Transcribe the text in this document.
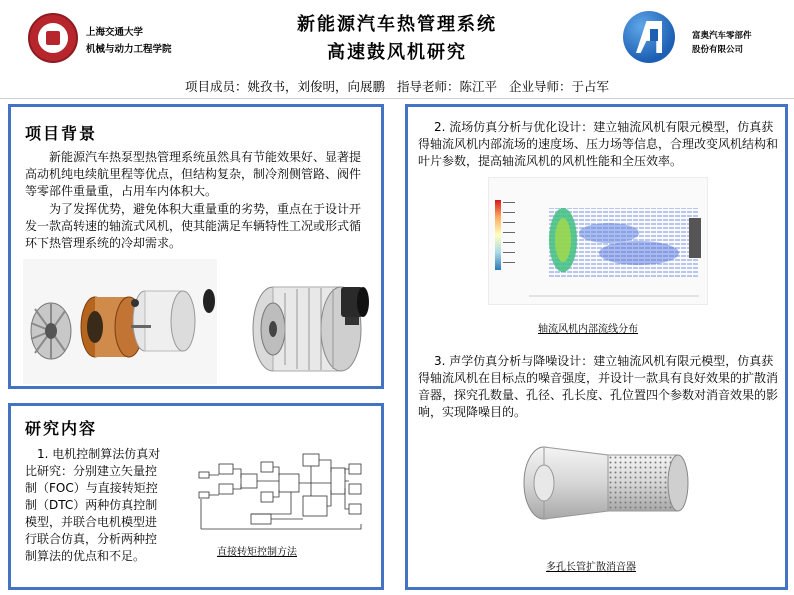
上海交通大学
机械与动力工程学院
新能源汽车热管理系统
高速鼓风机研究
富奥汽车零部件
股份有限公司
项目成员：姚孜书，刘俊明，向展鹏 指导老师：陈江平 企业导师：于占军
项目背景
新能源汽车热泵型热管理系统虽然具有节能效果好、显著提高动机纯电续航里程等优点，但结构复杂，制冷剂侧管路、阀件等零部件重量重，占用车内体积大。
为了发挥优势，避免体积大重量重的劣势，重点在于设计开发一款高转速的轴流式风机，使其能满足车辆特性工况或形式循环下热管理系统的冷却需求。
研究内容
1. 电机控制算法仿真对比研究：分别建立矢量控制（FOC）与直接转矩控制（DTC）两种仿真控制模型，并联合电机模型进行联合仿真，分析两种控制算法的优点和不足。	直接转矩控制方法
2. 流场仿真分析与优化设计：建立轴流风机有限元模型，仿真获得轴流风机内部流场的速度场、压力场等信息，合理改变风机结构和叶片参数，提高轴流风机的风机性能和全压效率。
轴流风机内部流线分布
3. 声学仿真分析与降噪设计：建立轴流风机有限元模型，仿真获得轴流风机在目标点的噪音强度，并设计一款具有良好效果的扩散消音器，探究孔数量、孔径、孔长度、孔位置四个参数对消音效果的影响，实现降噪目的。
多孔长管扩散消音器
